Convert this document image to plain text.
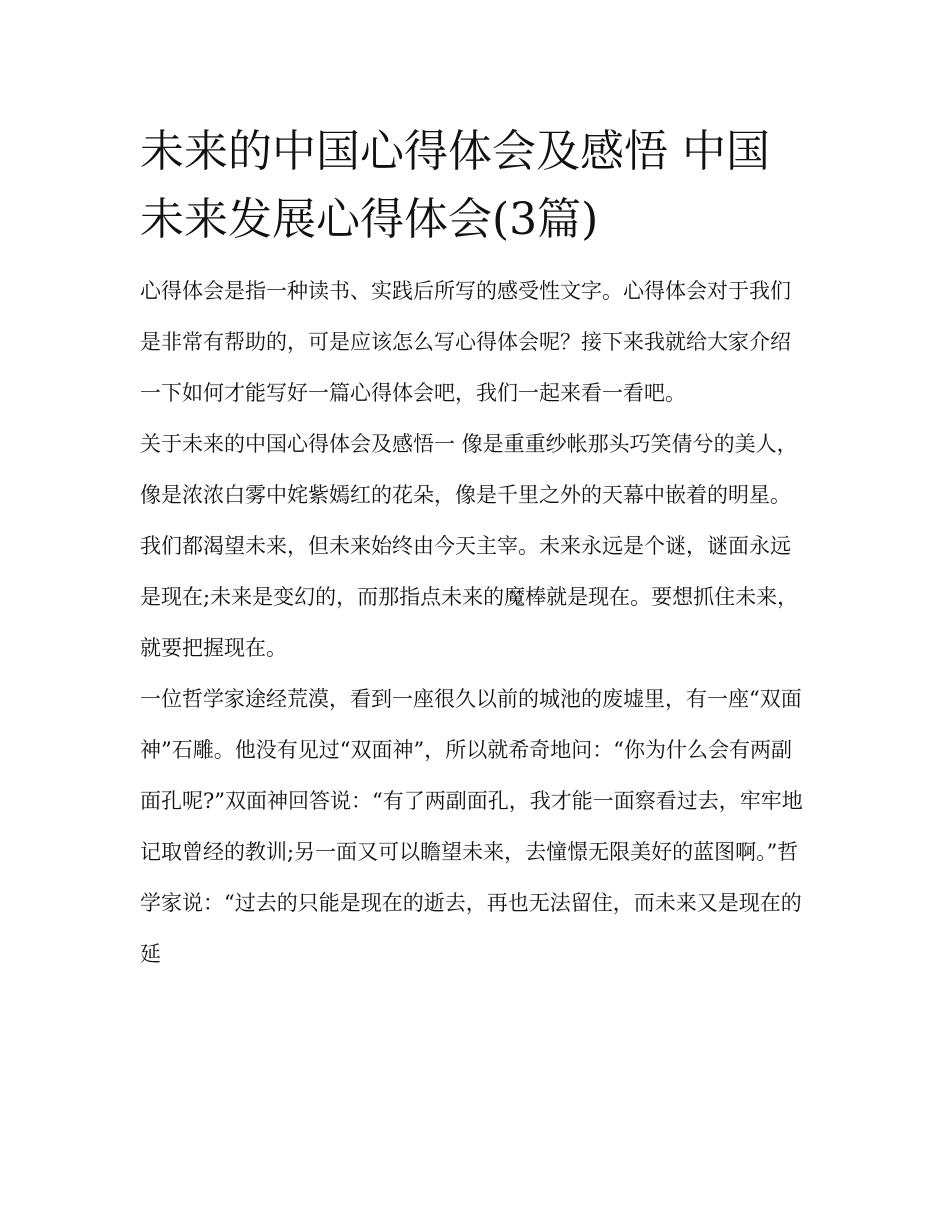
未来的中国心得体会及感悟 中国未来发展心得体会(3篇)

心得体会是指一种读书、实践后所写的感受性文字。心得体会对于我们是非常有帮助的，可是应该怎么写心得体会呢？接下来我就给大家介绍一下如何才能写好一篇心得体会吧，我们一起来看一看吧。

关于未来的中国心得体会及感悟一 像是重重纱帐那头巧笑倩兮的美人，像是浓浓白雾中姹紫嫣红的花朵，像是千里之外的天幕中嵌着的明星。

我们都渴望未来，但未来始终由今天主宰。未来永远是个谜，谜面永远是现在;未来是变幻的，而那指点未来的魔棒就是现在。要想抓住未来，就要把握现在。

一位哲学家途经荒漠，看到一座很久以前的城池的废墟里，有一座“双面神”石雕。他没有见过“双面神”，所以就希奇地问：“你为什么会有两副面孔呢?”双面神回答说：“有了两副面孔，我才能一面察看过去，牢牢地记取曾经的教训;另一面又可以瞻望未来，去憧憬无限美好的蓝图啊。”哲学家说：“过去的只能是现在的逝去，再也无法留住，而未来又是现在的延
